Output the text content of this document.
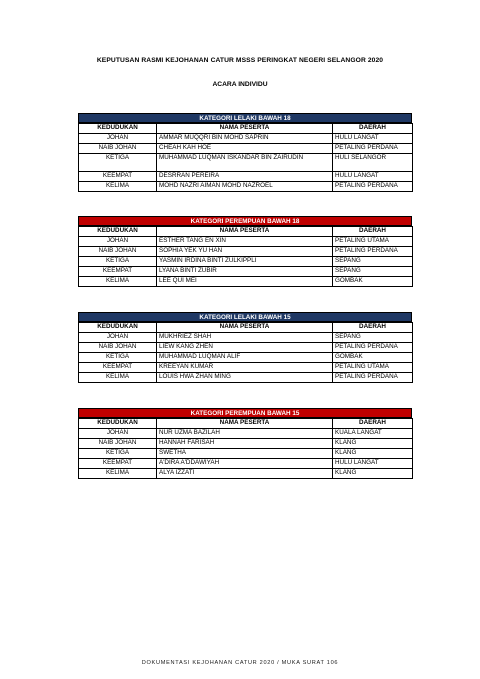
KEPUTUSAN RASMI KEJOHANAN CATUR MSSS PERINGKAT NEGERI SELANGOR 2020
ACARA INDIVIDU
KATEGORI LELAKI BAWAH 18
KEDUDUKAN	NAMA PESERTA	DAERAH
JOHAN	AMMAR MUQQRI BIN MOHD SAPRIN	HULU LANGAT
NAIB JOHAN	CHEAH KAH HOE	PETALING PERDANA
KETIGA	MUHAMMAD LUQMAN ISKANDAR BIN ZAIRUDIN	HULI SELANGOR
KEEMPAT	DESRRAN PEREIRA	HULU LANGAT
KELIMA	MOHD NAZRI AIMAN MOHD NAZROEL	PETALING PERDANA
KATEGORI PEREMPUAN BAWAH 18
KEDUDUKAN	NAMA PESERTA	DAERAH
JOHAN	ESTHER TANG EN XIN	PETALING UTAMA
NAIB JOHAN	SOPHIA YEK YU HAN	PETALING PERDANA
KETIGA	YASMIN IRDINA BINTI ZULKIPPLI	SEPANG
KEEMPAT	LYANA BINTI ZUBIR	SEPANG
KELIMA	LEE QUI MEI	GOMBAK
KATEGORI LELAKI BAWAH 15
KEDUDUKAN	NAMA PESERTA	DAERAH
JOHAN	MUKHRIEZ SHAH	SEPANG
NAIB JOHAN	LIEW KANG ZHEN	PETALING PERDANA
KETIGA	MUHAMMAD LUQMAN ALIF	GOMBAK
KEEMPAT	KREEYAN KUMAR	PETALING UTAMA
KELIMA	LOUIS HWA ZHAN MING	PETALING PERDANA
KATEGORI PEREMPUAN BAWAH 15
KEDUDUKAN	NAMA PESERTA	DAERAH
JOHAN	NUR UZMA BAZILAH	KUALA LANGAT
NAIB JOHAN	HANNAH FARISAH	KLANG
KETIGA	SWETHA	KLANG
KEEMPAT	A'DIRA A'DDAWIYAH	HULU LANGAT
KELIMA	ALYA IZZATI	KLANG
DOKUMENTASI KEJOHANAN CATUR 2020 / MUKA SURAT 106
